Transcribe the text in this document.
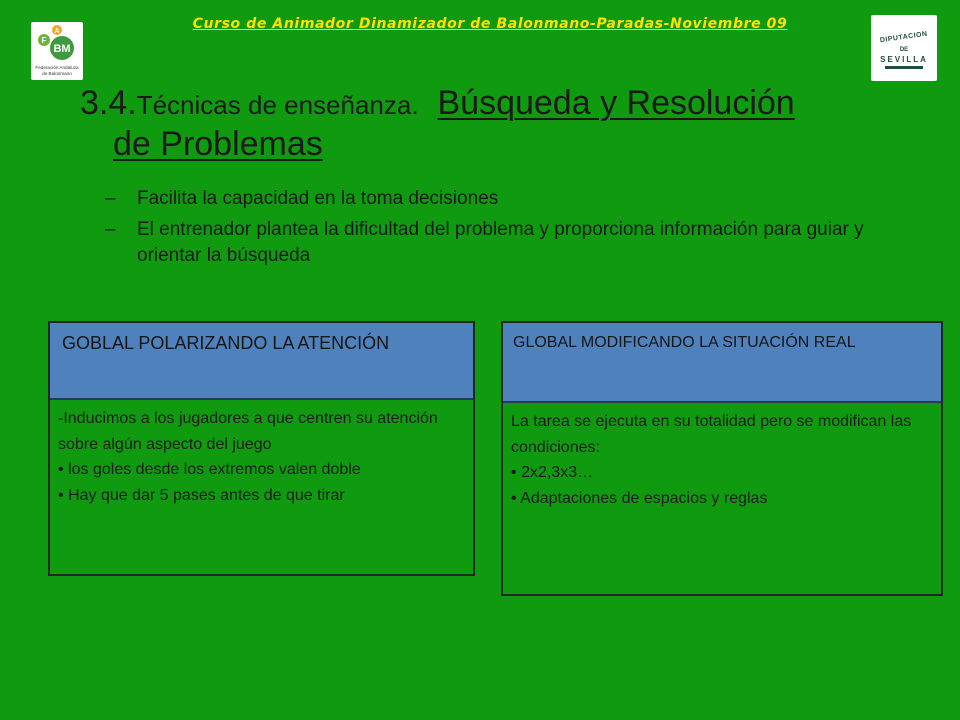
Curso de Animador Dinamizador de Balonmano-Paradas-Noviembre 09
A
F
BM
Federación Andaluza
de Balonmano
DIPUTACION
DE
SEVILLA
3.4.Técnicas de enseñanza. Búsqueda y Resolución
de Problemas
–	Facilita la capacidad en la toma decisiones
–	El entrenador plantea la dificultad del problema y proporciona información para guiar y orientar la búsqueda
GOBLAL POLARIZANDO LA ATENCIÓN

-Inducimos a los jugadores a que centren su atención sobre algún aspecto del juego

• los goles desde los extremos valen doble

• Hay que dar 5 pases antes de que tirar

GLOBAL MODIFICANDO LA SITUACIÓN REAL

La tarea se ejecuta en su totalidad pero se modifican las condiciones:

• 2x2,3x3…

• Adaptaciones de espacios y reglas
